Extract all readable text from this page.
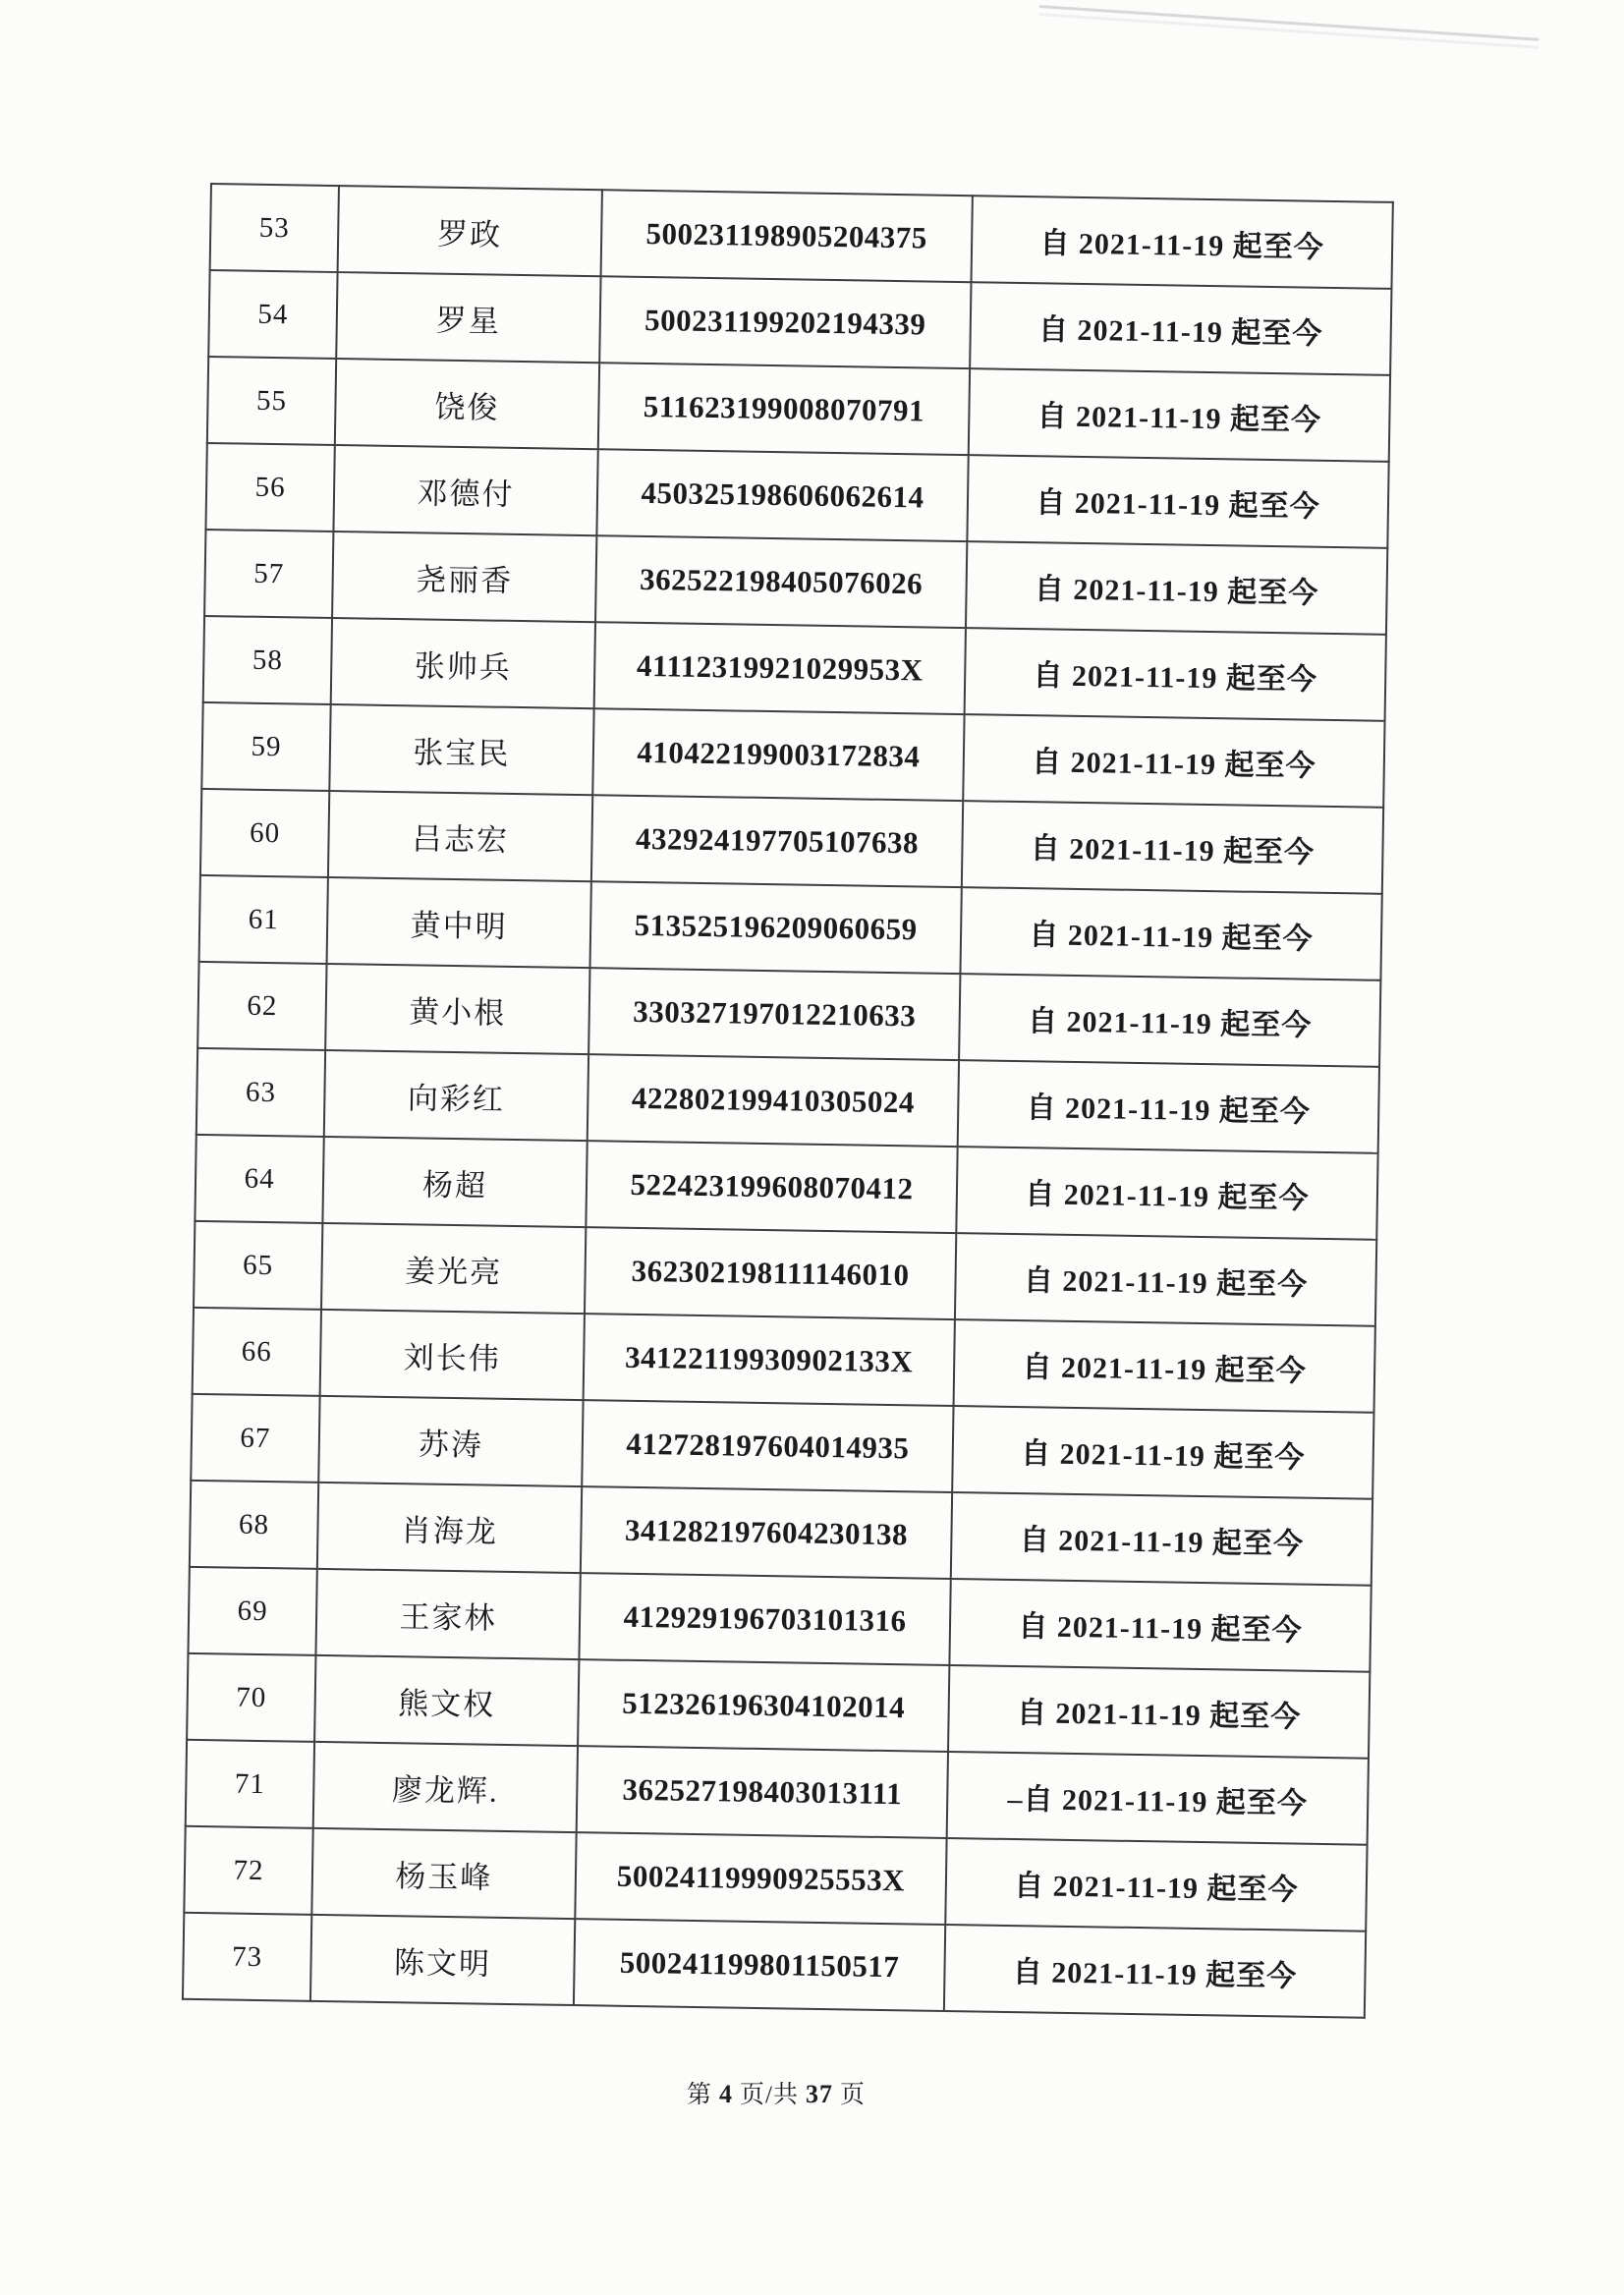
53	罗政	500231198905204375	自 2021-11-19 起至今
54	罗星	500231199202194339	自 2021-11-19 起至今
55	饶俊	511623199008070791	自 2021-11-19 起至今
56	邓德付	450325198606062614	自 2021-11-19 起至今
57	尧丽香	362522198405076026	自 2021-11-19 起至今
58	张帅兵	41112319921029953X	自 2021-11-19 起至今
59	张宝民	410422199003172834	自 2021-11-19 起至今
60	吕志宏	432924197705107638	自 2021-11-19 起至今
61	黄中明	513525196209060659	自 2021-11-19 起至今
62	黄小根	330327197012210633	自 2021-11-19 起至今
63	向彩红	422802199410305024	自 2021-11-19 起至今
64	杨超	522423199608070412	自 2021-11-19 起至今
65	姜光亮	362302198111146010	自 2021-11-19 起至今
66	刘长伟	34122119930902133X	自 2021-11-19 起至今
67	苏涛	412728197604014935	自 2021-11-19 起至今
68	肖海龙	341282197604230138	自 2021-11-19 起至今
69	王家林	412929196703101316	自 2021-11-19 起至今
70	熊文权	512326196304102014	自 2021-11-19 起至今
71	廖龙辉.	362527198403013111	–自 2021-11-19 起至今
72	杨玉峰	50024119990925553X	自 2021-11-19 起至今
73	陈文明	500241199801150517	自 2021-11-19 起至今
第 4 页/共 37 页
